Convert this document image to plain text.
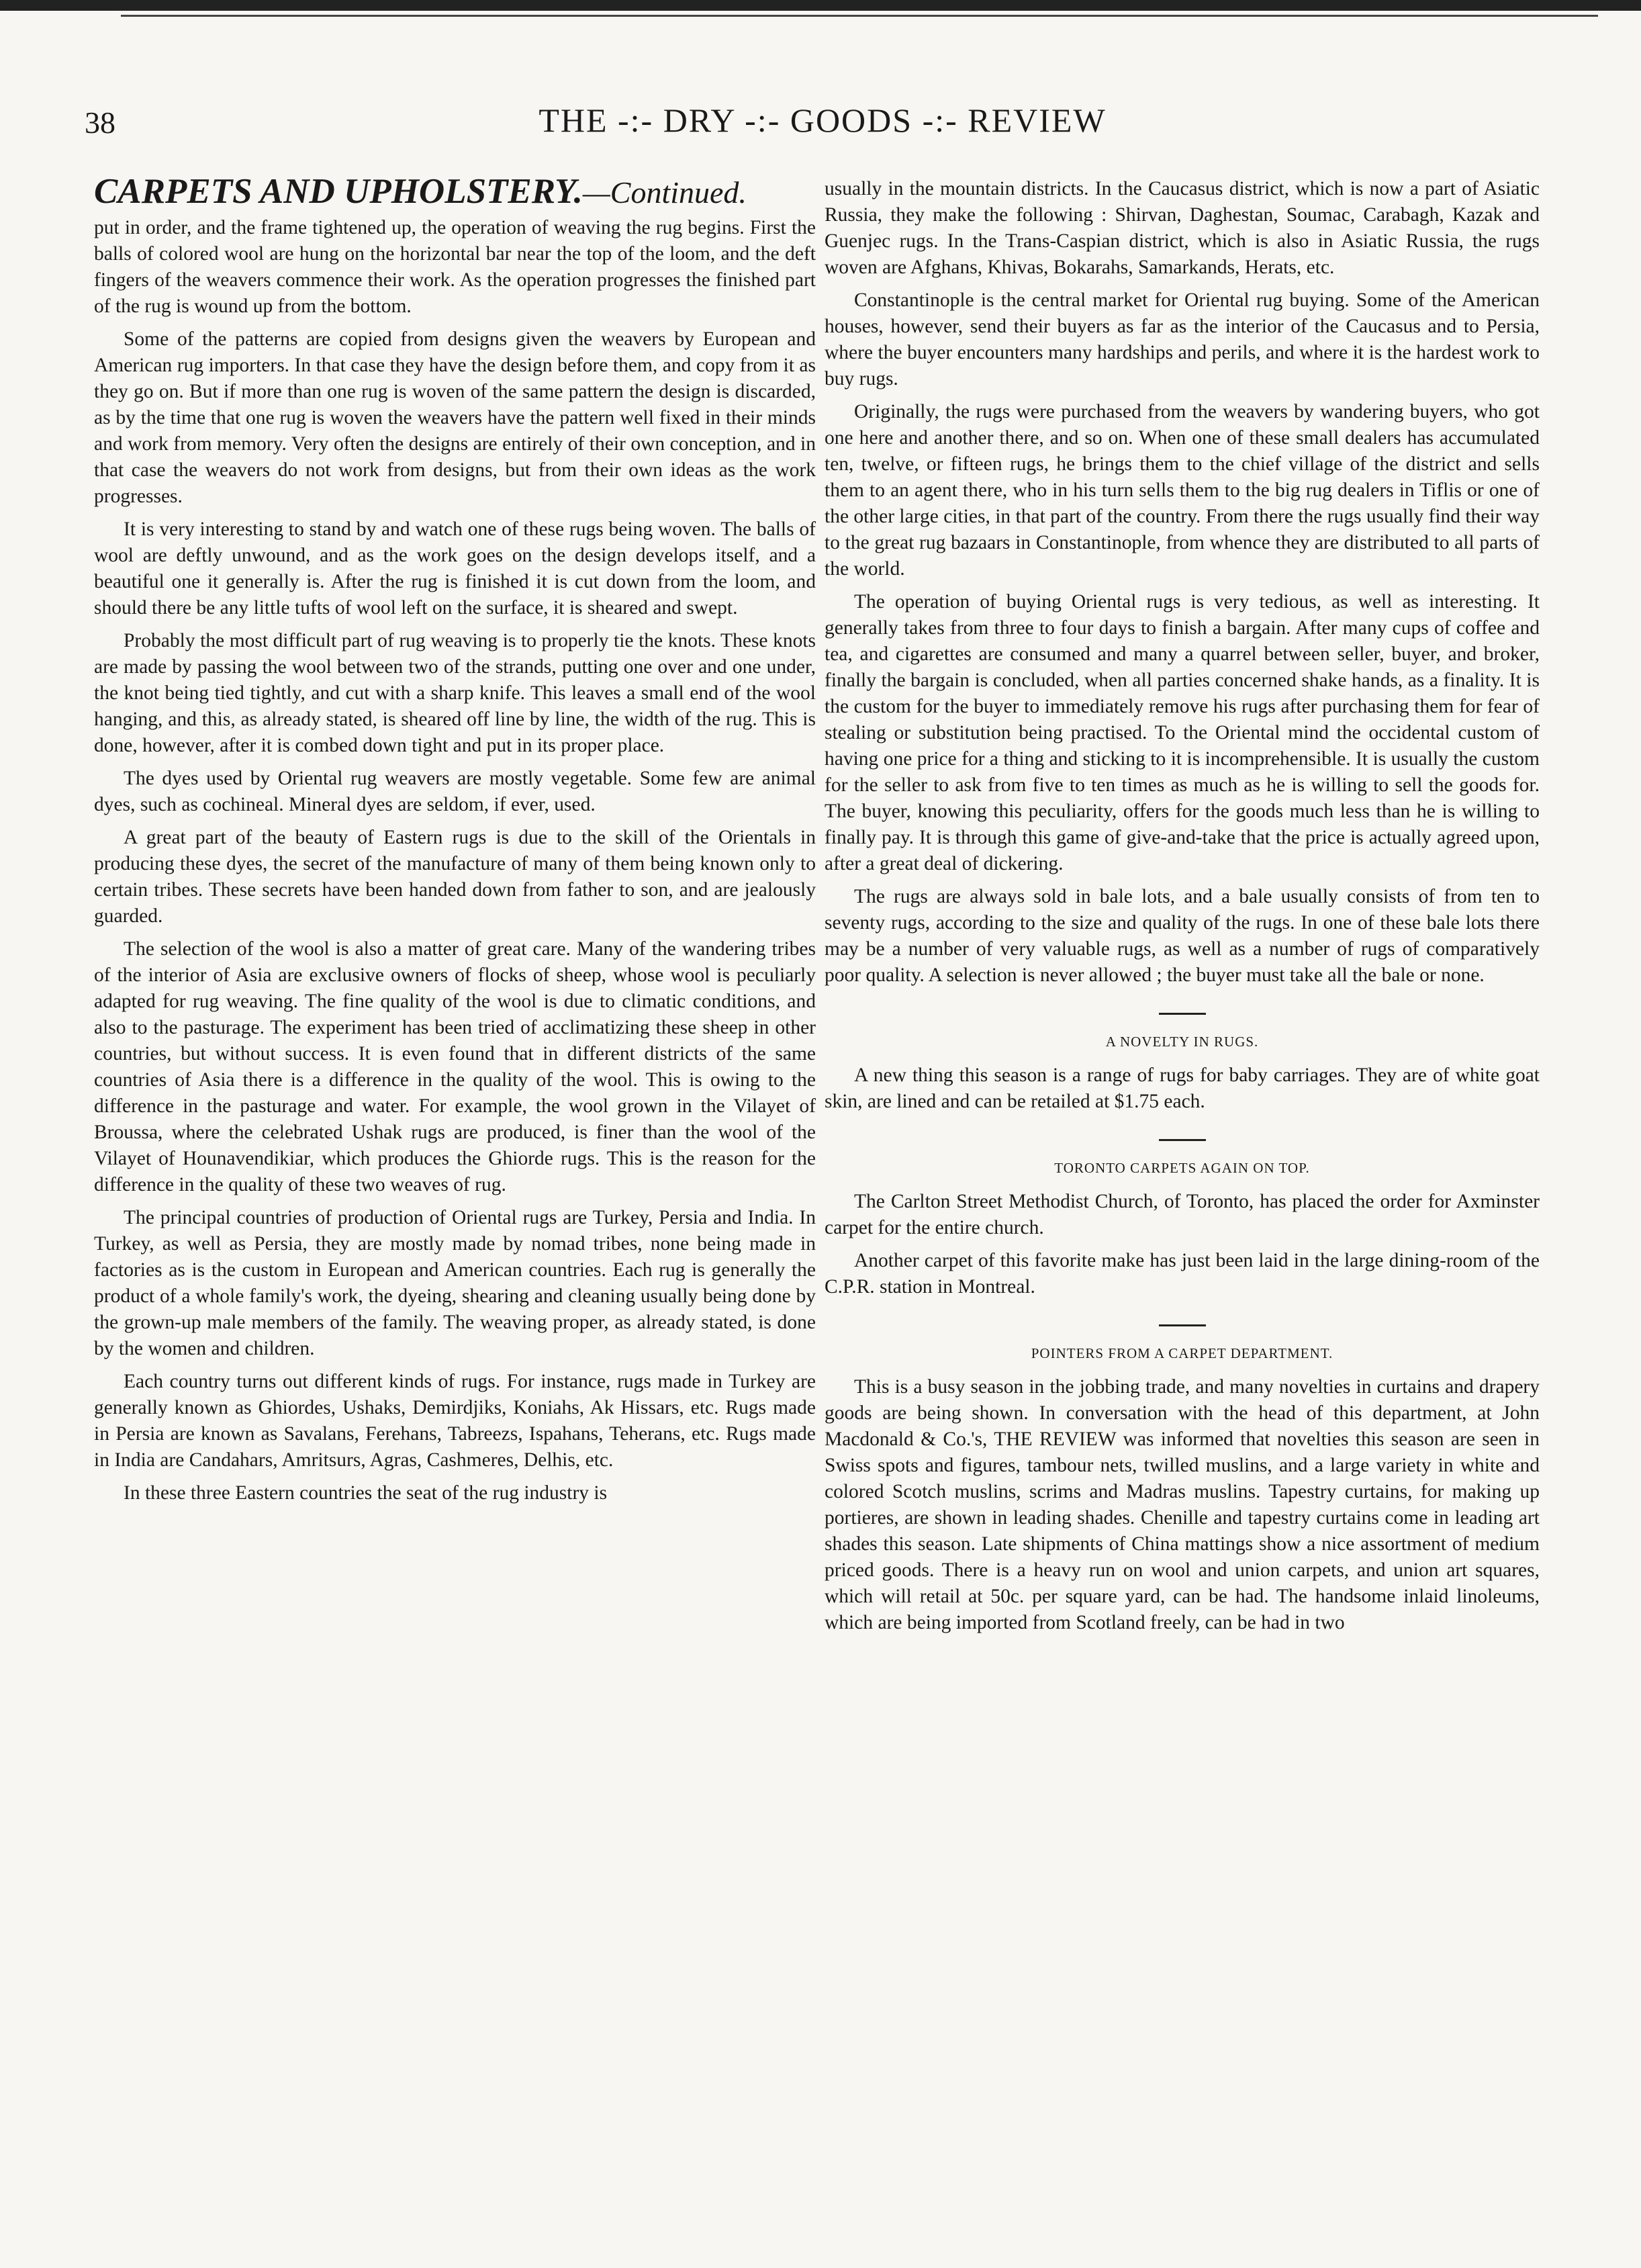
38	THE -:- DRY -:- GOODS -:- REVIEW
CARPETS AND UPHOLSTERY.—Continued.

put in order, and the frame tightened up, the operation of weaving the rug begins. First the balls of colored wool are hung on the horizontal bar near the top of the loom, and the deft fingers of the weavers commence their work. As the operation progresses the finished part of the rug is wound up from the bottom.

Some of the patterns are copied from designs given the weavers by European and American rug importers. In that case they have the design before them, and copy from it as they go on. But if more than one rug is woven of the same pattern the design is discarded, as by the time that one rug is woven the weavers have the pattern well fixed in their minds and work from memory. Very often the designs are entirely of their own conception, and in that case the weavers do not work from designs, but from their own ideas as the work progresses.

It is very interesting to stand by and watch one of these rugs being woven. The balls of wool are deftly unwound, and as the work goes on the design develops itself, and a beautiful one it generally is. After the rug is finished it is cut down from the loom, and should there be any little tufts of wool left on the surface, it is sheared and swept.

Probably the most difficult part of rug weaving is to properly tie the knots. These knots are made by passing the wool between two of the strands, putting one over and one under, the knot being tied tightly, and cut with a sharp knife. This leaves a small end of the wool hanging, and this, as already stated, is sheared off line by line, the width of the rug. This is done, however, after it is combed down tight and put in its proper place.

The dyes used by Oriental rug weavers are mostly vegetable. Some few are animal dyes, such as cochineal. Mineral dyes are seldom, if ever, used.

A great part of the beauty of Eastern rugs is due to the skill of the Orientals in producing these dyes, the secret of the manufacture of many of them being known only to certain tribes. These secrets have been handed down from father to son, and are jealously guarded.

The selection of the wool is also a matter of great care. Many of the wandering tribes of the interior of Asia are exclusive owners of flocks of sheep, whose wool is peculiarly adapted for rug weaving. The fine quality of the wool is due to climatic conditions, and also to the pasturage. The experiment has been tried of acclimatizing these sheep in other countries, but without success. It is even found that in different districts of the same countries of Asia there is a difference in the quality of the wool. This is owing to the difference in the pasturage and water. For example, the wool grown in the Vilayet of Broussa, where the celebrated Ushak rugs are produced, is finer than the wool of the Vilayet of Hounavendikiar, which produces the Ghiorde rugs. This is the reason for the difference in the quality of these two weaves of rug.

The principal countries of production of Oriental rugs are Turkey, Persia and India. In Turkey, as well as Persia, they are mostly made by nomad tribes, none being made in factories as is the custom in European and American countries. Each rug is generally the product of a whole family's work, the dyeing, shearing and cleaning usually being done by the grown-up male members of the family. The weaving proper, as already stated, is done by the women and children.

Each country turns out different kinds of rugs. For instance, rugs made in Turkey are generally known as Ghiordes, Ushaks, Demirdjiks, Koniahs, Ak Hissars, etc. Rugs made in Persia are known as Savalans, Ferehans, Tabreezs, Ispahans, Teherans, etc. Rugs made in India are Candahars, Amritsurs, Agras, Cashmeres, Delhis, etc.

In these three Eastern countries the seat of the rug industry is

usually in the mountain districts. In the Caucasus district, which is now a part of Asiatic Russia, they make the following : Shirvan, Daghestan, Soumac, Carabagh, Kazak and Guenjec rugs. In the Trans-Caspian district, which is also in Asiatic Russia, the rugs woven are Afghans, Khivas, Bokarahs, Samarkands, Herats, etc.

Constantinople is the central market for Oriental rug buying. Some of the American houses, however, send their buyers as far as the interior of the Caucasus and to Persia, where the buyer encounters many hardships and perils, and where it is the hardest work to buy rugs.

Originally, the rugs were purchased from the weavers by wandering buyers, who got one here and another there, and so on. When one of these small dealers has accumulated ten, twelve, or fifteen rugs, he brings them to the chief village of the district and sells them to an agent there, who in his turn sells them to the big rug dealers in Tiflis or one of the other large cities, in that part of the country. From there the rugs usually find their way to the great rug bazaars in Constantinople, from whence they are distributed to all parts of the world.

The operation of buying Oriental rugs is very tedious, as well as interesting. It generally takes from three to four days to finish a bargain. After many cups of coffee and tea, and cigarettes are consumed and many a quarrel between seller, buyer, and broker, finally the bargain is concluded, when all parties concerned shake hands, as a finality. It is the custom for the buyer to immediately remove his rugs after purchasing them for fear of stealing or substitution being practised. To the Oriental mind the occidental custom of having one price for a thing and sticking to it is incomprehensible. It is usually the custom for the seller to ask from five to ten times as much as he is willing to sell the goods for. The buyer, knowing this peculiarity, offers for the goods much less than he is willing to finally pay. It is through this game of give-and-take that the price is actually agreed upon, after a great deal of dickering.

The rugs are always sold in bale lots, and a bale usually consists of from ten to seventy rugs, according to the size and quality of the rugs. In one of these bale lots there may be a number of very valuable rugs, as well as a number of rugs of comparatively poor quality. A selection is never allowed ; the buyer must take all the bale or none.

A NOVELTY IN RUGS.

A new thing this season is a range of rugs for baby carriages. They are of white goat skin, are lined and can be retailed at $1.75 each.

TORONTO CARPETS AGAIN ON TOP.

The Carlton Street Methodist Church, of Toronto, has placed the order for Axminster carpet for the entire church.

Another carpet of this favorite make has just been laid in the large dining-room of the C.P.R. station in Montreal.

POINTERS FROM A CARPET DEPARTMENT.

This is a busy season in the jobbing trade, and many novelties in curtains and drapery goods are being shown. In conversation with the head of this department, at John Macdonald & Co.'s, THE REVIEW was informed that novelties this season are seen in Swiss spots and figures, tambour nets, twilled muslins, and a large variety in white and colored Scotch muslins, scrims and Madras muslins. Tapestry curtains, for making up portieres, are shown in leading shades. Chenille and tapestry curtains come in leading art shades this season. Late shipments of China mattings show a nice assortment of medium priced goods. There is a heavy run on wool and union carpets, and union art squares, which will retail at 50c. per square yard, can be had. The handsome inlaid linoleums, which are being imported from Scotland freely, can be had in two
